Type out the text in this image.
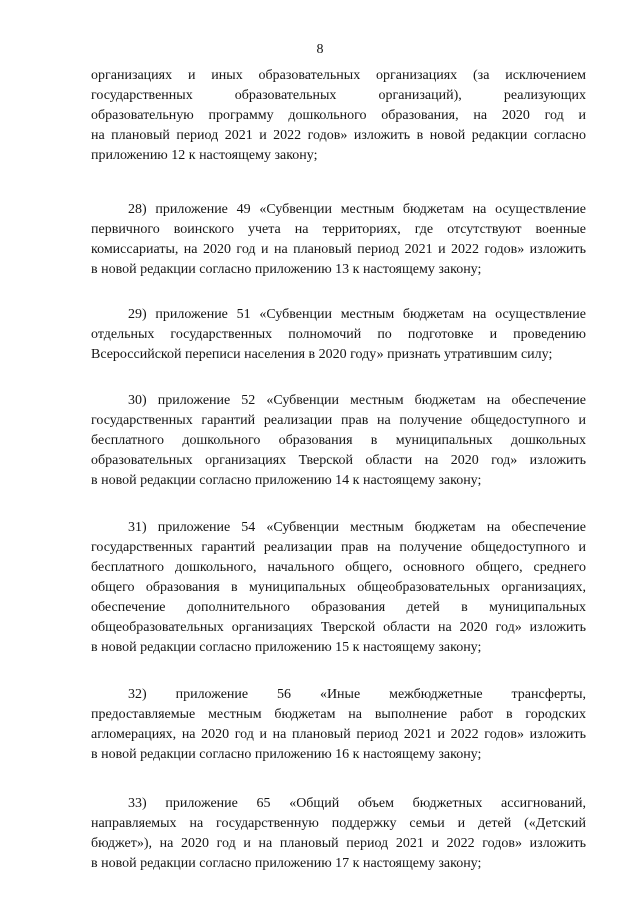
8

организациях и иных образовательных организациях (за исключением
государственных образовательных организаций), реализующих
образовательную программу дошкольного образования, на 2020 год и
на плановый период 2021 и 2022 годов» изложить в новой редакции согласно
приложению 12 к настоящему закону;

28) приложение 49 «Субвенции местным бюджетам на осуществление
первичного воинского учета на территориях, где отсутствуют военные
комиссариаты, на 2020 год и на плановый период 2021 и 2022 годов» изложить
в новой редакции согласно приложению 13 к настоящему закону;

29) приложение 51 «Субвенции местным бюджетам на осуществление
отдельных государственных полномочий по подготовке и проведению
Всероссийской переписи населения в 2020 году» признать утратившим силу;

30) приложение 52 «Субвенции местным бюджетам на обеспечение
государственных гарантий реализации прав на получение общедоступного и
бесплатного дошкольного образования в муниципальных дошкольных
образовательных организациях Тверской области на 2020 год» изложить
в новой редакции согласно приложению 14 к настоящему закону;

31) приложение 54 «Субвенции местным бюджетам на обеспечение
государственных гарантий реализации прав на получение общедоступного и
бесплатного дошкольного, начального общего, основного общего, среднего
общего образования в муниципальных общеобразовательных организациях,
обеспечение дополнительного образования детей в муниципальных
общеобразовательных организациях Тверской области на 2020 год» изложить
в новой редакции согласно приложению 15 к настоящему закону;

32) приложение 56 «Иные межбюджетные трансферты,
предоставляемые местным бюджетам на выполнение работ в городских
агломерациях, на 2020 год и на плановый период 2021 и 2022 годов» изложить
в новой редакции согласно приложению 16 к настоящему закону;

33) приложение 65 «Общий объем бюджетных ассигнований,
направляемых на государственную поддержку семьи и детей («Детский
бюджет»), на 2020 год и на плановый период 2021 и 2022 годов» изложить
в новой редакции согласно приложению 17 к настоящему закону;
